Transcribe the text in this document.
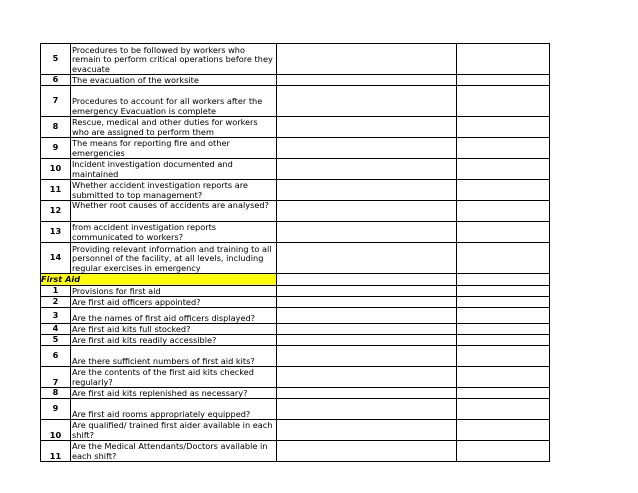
5	Procedures to be followed by workers who remain to perform critical operations before they evacuate		
6	The evacuation of the worksite		
7	Procedures to account for all workers after the emergency Evacuation is complete		
8	Rescue, medical and other duties for workers who are assigned to perform them		
9	The means for reporting fire and other emergencies		
10	Incident investigation documented and maintained		
11	Whether accident investigation reports are submitted to top management?		
12	Whether root causes of accidents are analysed?		
13	from accident investigation reports communicated to workers?		
14	Providing relevant information and training to all personnel of the facility, at all levels, including regular exercises in emergency		

First Aid			

1	Provisions for first aid		
2	Are first aid officers appointed?		
3	Are the names of first aid officers displayed?		
4	Are first aid kits full stocked?		
5	Are first aid kits readily accessible?		
6	Are there sufficient numbers of first aid kits?		
7	Are the contents of the first aid kits checked regularly?		
8	Are first aid kits replenished as necessary?		
9	Are first aid rooms appropriately equipped?		
10	Are qualified/ trained first aider available in each shift?		
11	Are the Medical Attendants/Doctors available in each shift?		
